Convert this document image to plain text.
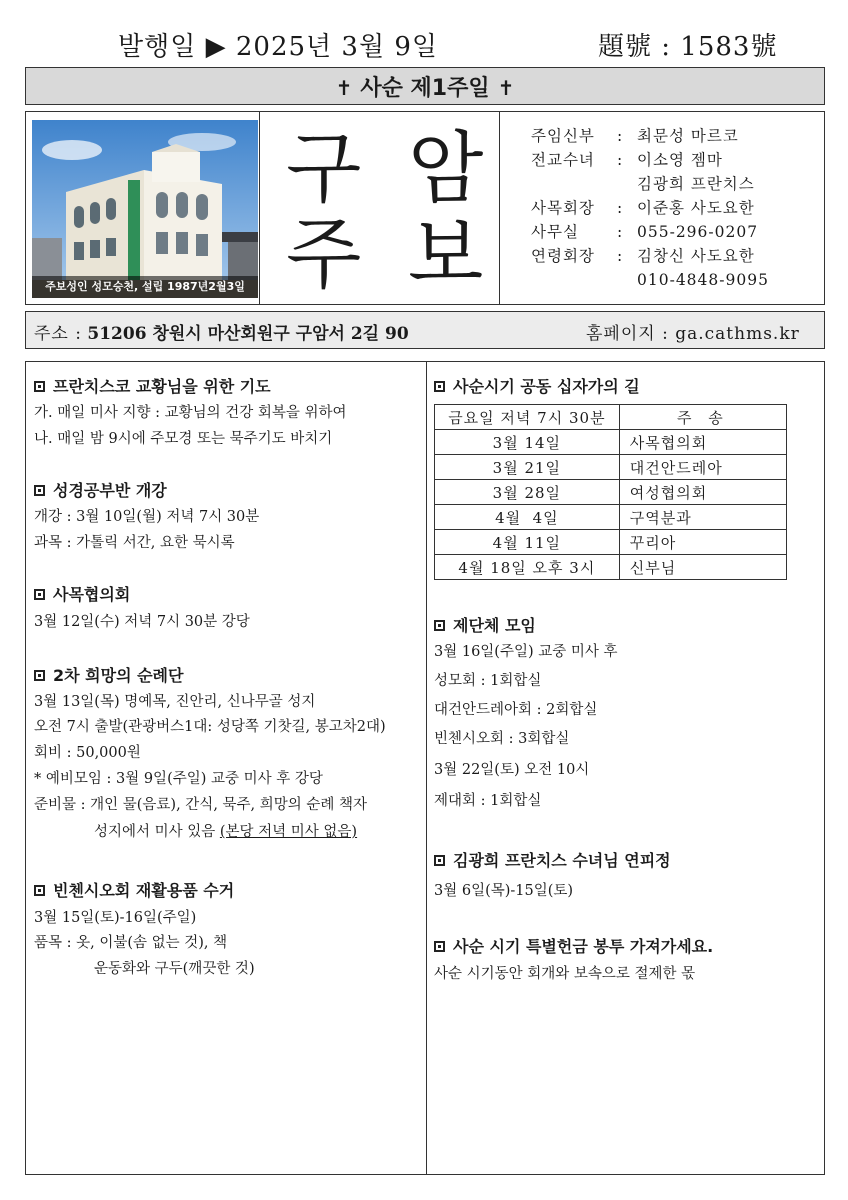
발행일 ▶ 2025년 3월 9일	題號 : 1583號
✝ 사순 제1주일 ✝
주보성인 성모승천, 설립 1987년2월3일
구 암
주 보
주임신부	: 최문성 마르코
전교수녀	: 이소영 젬마
김광희 프란치스
사목회장	: 이준홍 사도요한
사무실	: 055-296-0207
연령회장	: 김창신 사도요한
010-4848-9095
주소 : 51206 창원시 마산회원구 구암서 2길 90	홈페이지 : ga.cathms.kr
프란치스코 교황님을 위한 기도
가. 매일 미사 지향 : 교황님의 건강 회복을 위하여
나. 매일 밤 9시에 주모경 또는 묵주기도 바치기
성경공부반 개강
개강 : 3월 10일(월) 저녁 7시 30분
과목 : 가톨릭 서간, 요한 묵시록
사목협의회
3월 12일(수) 저녁 7시 30분 강당
2차 희망의 순례단
3월 13일(목) 명예목, 진안리, 신나무골 성지
오전 7시 출발(관광버스1대: 성당쪽 기찻길, 봉고차2대)
회비 : 50,000원
* 예비모임 : 3월 9일(주일) 교중 미사 후 강당
준비물 : 개인 물(음료), 간식, 묵주, 희망의 순례 책자
성지에서 미사 있음 (본당 저녁 미사 없음)
빈첸시오회 재활용품 수거
3월 15일(토)-16일(주일)
품목 : 옷, 이불(솜 없는 것), 책
운동화와 구두(깨끗한 것)
사순시기 공동 십자가의 길
금요일 저녁 7시 30분	주 송
3월 14일	사목협의회
3월 21일	대건안드레아
3월 28일	여성협의회
4월  4일	구역분과
4월 11일	꾸리아
4월 18일 오후 3시	신부님
제단체 모임
3월 16일(주일) 교중 미사 후
성모회 : 1회합실
대건안드레아회 : 2회합실
빈첸시오회 : 3회합실
3월 22일(토) 오전 10시
제대회 : 1회합실
김광희 프란치스 수녀님 연피정
3월 6일(목)-15일(토)
사순 시기 특별헌금 봉투 가져가세요.
사순 시기동안 회개와 보속으로 절제한 몫
